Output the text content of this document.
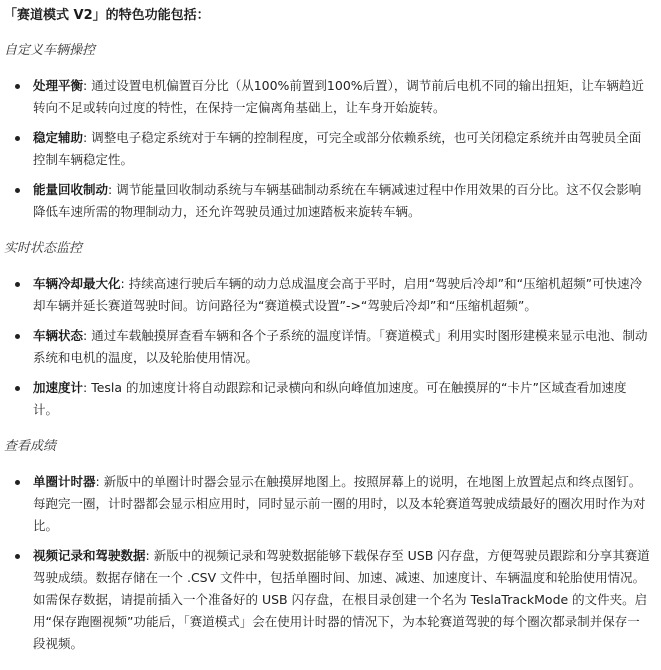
「赛道模式 V2」的特色功能包括：
自定义车辆操控
处理平衡: 通过设置电机偏置百分比（从100%前置到100%后置），调节前后电机不同的输出扭矩，让车辆趋近转向不足或转向过度的特性，在保持一定偏离角基础上，让车身开始旋转。
稳定辅助: 调整电子稳定系统对于车辆的控制程度，可完全或部分依赖系统，也可关闭稳定系统并由驾驶员全面控制车辆稳定性。
能量回收制动: 调节能量回收制动系统与车辆基础制动系统在车辆减速过程中作用效果的百分比。这不仅会影响降低车速所需的物理制动力，还允许驾驶员通过加速踏板来旋转车辆。
实时状态监控
车辆冷却最大化: 持续高速行驶后车辆的动力总成温度会高于平时，启用“驾驶后冷却”和“压缩机超频”可快速冷却车辆并延长赛道驾驶时间。访问路径为“赛道模式设置”->“驾驶后冷却”和“压缩机超频”。
车辆状态: 通过车载触摸屏查看车辆和各个子系统的温度详情。「赛道模式」利用实时图形建模来显示电池、制动系统和电机的温度，以及轮胎使用情况。
加速度计: Tesla 的加速度计将自动跟踪和记录横向和纵向峰值加速度。可在触摸屏的“卡片”区域查看加速度计。
查看成绩
单圈计时器: 新版中的单圈计时器会显示在触摸屏地图上。按照屏幕上的说明，在地图上放置起点和终点图钉。每跑完一圈，计时器都会显示相应用时，同时显示前一圈的用时，以及本轮赛道驾驶成绩最好的圈次用时作为对比。
视频记录和驾驶数据: 新版中的视频记录和驾驶数据能够下载保存至 USB 闪存盘，方便驾驶员跟踪和分享其赛道驾驶成绩。数据存储在一个 .CSV 文件中，包括单圈时间、加速、减速、加速度计、车辆温度和轮胎使用情况。如需保存数据，请提前插入一个准备好的 USB 闪存盘，在根目录创建一个名为 TeslaTrackMode 的文件夹。启用“保存跑圈视频”功能后，「赛道模式」会在使用计时器的情况下，为本轮赛道驾驶的每个圈次都录制并保存一段视频。
